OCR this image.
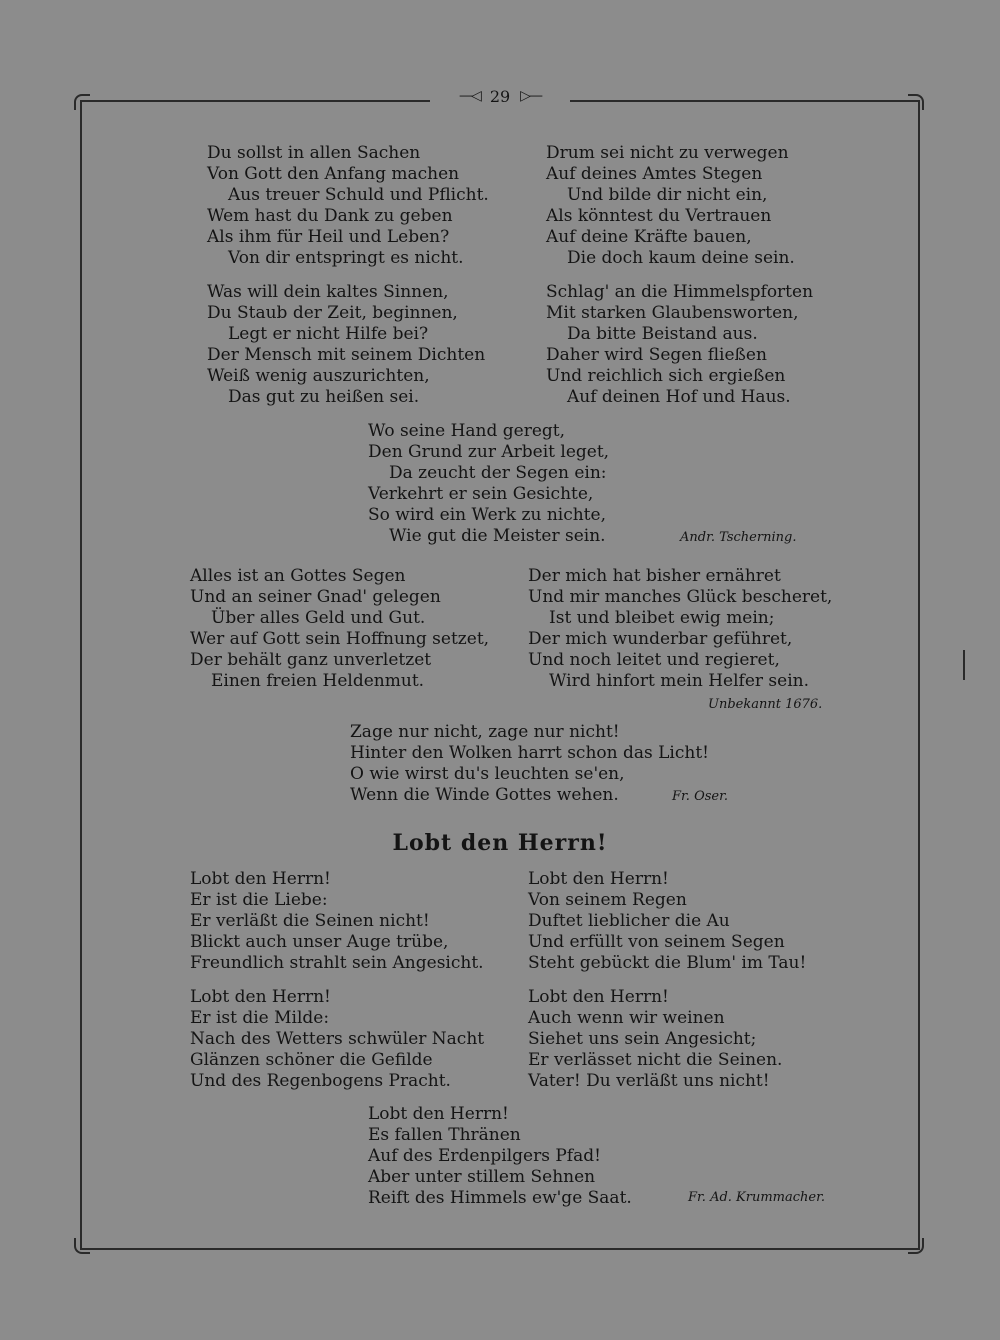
—◁ 29 ▷—
Du sollst in allen Sachen
Von Gott den Anfang machen
Aus treuer Schuld und Pflicht.
Wem hast du Dank zu geben
Als ihm für Heil und Leben?
Von dir entspringt es nicht.
Drum sei nicht zu verwegen
Auf deines Amtes Stegen
Und bilde dir nicht ein,
Als könntest du Vertrauen
Auf deine Kräfte bauen,
Die doch kaum deine sein.
Was will dein kaltes Sinnen,
Du Staub der Zeit, beginnen,
Legt er nicht Hilfe bei?
Der Mensch mit seinem Dichten
Weiß wenig auszurichten,
Das gut zu heißen sei.
Schlag' an die Himmelspforten
Mit starken Glaubensworten,
Da bitte Beistand aus.
Daher wird Segen fließen
Und reichlich sich ergießen
Auf deinen Hof und Haus.
Wo seine Hand geregt,
Den Grund zur Arbeit leget,
Da zeucht der Segen ein:
Verkehrt er sein Gesichte,
So wird ein Werk zu nichte,
Wie gut die Meister sein.	Andr. Tscherning.
Alles ist an Gottes Segen
Und an seiner Gnad' gelegen
Über alles Geld und Gut.
Wer auf Gott sein Hoffnung setzet,
Der behält ganz unverletzet
Einen freien Heldenmut.
Der mich hat bisher ernähret
Und mir manches Glück bescheret,
Ist und bleibet ewig mein;
Der mich wunderbar geführet,
Und noch leitet und regieret,
Wird hinfort mein Helfer sein.
Unbekannt 1676.
Zage nur nicht, zage nur nicht!
Hinter den Wolken harrt schon das Licht!
O wie wirst du's leuchten se'en,
Wenn die Winde Gottes wehen.	Fr. Oser.
Lobt den Herrn!
Lobt den Herrn!
Er ist die Liebe:
Er verläßt die Seinen nicht!
Blickt auch unser Auge trübe,
Freundlich strahlt sein Angesicht.
Lobt den Herrn!
Von seinem Regen
Duftet lieblicher die Au
Und erfüllt von seinem Segen
Steht gebückt die Blum' im Tau!
Lobt den Herrn!
Er ist die Milde:
Nach des Wetters schwüler Nacht
Glänzen schöner die Gefilde
Und des Regenbogens Pracht.
Lobt den Herrn!
Auch wenn wir weinen
Siehet uns sein Angesicht;
Er verlässet nicht die Seinen.
Vater! Du verläßt uns nicht!
Lobt den Herrn!
Es fallen Thränen
Auf des Erdenpilgers Pfad!
Aber unter stillem Sehnen
Reift des Himmels ew'ge Saat.	Fr. Ad. Krummacher.
